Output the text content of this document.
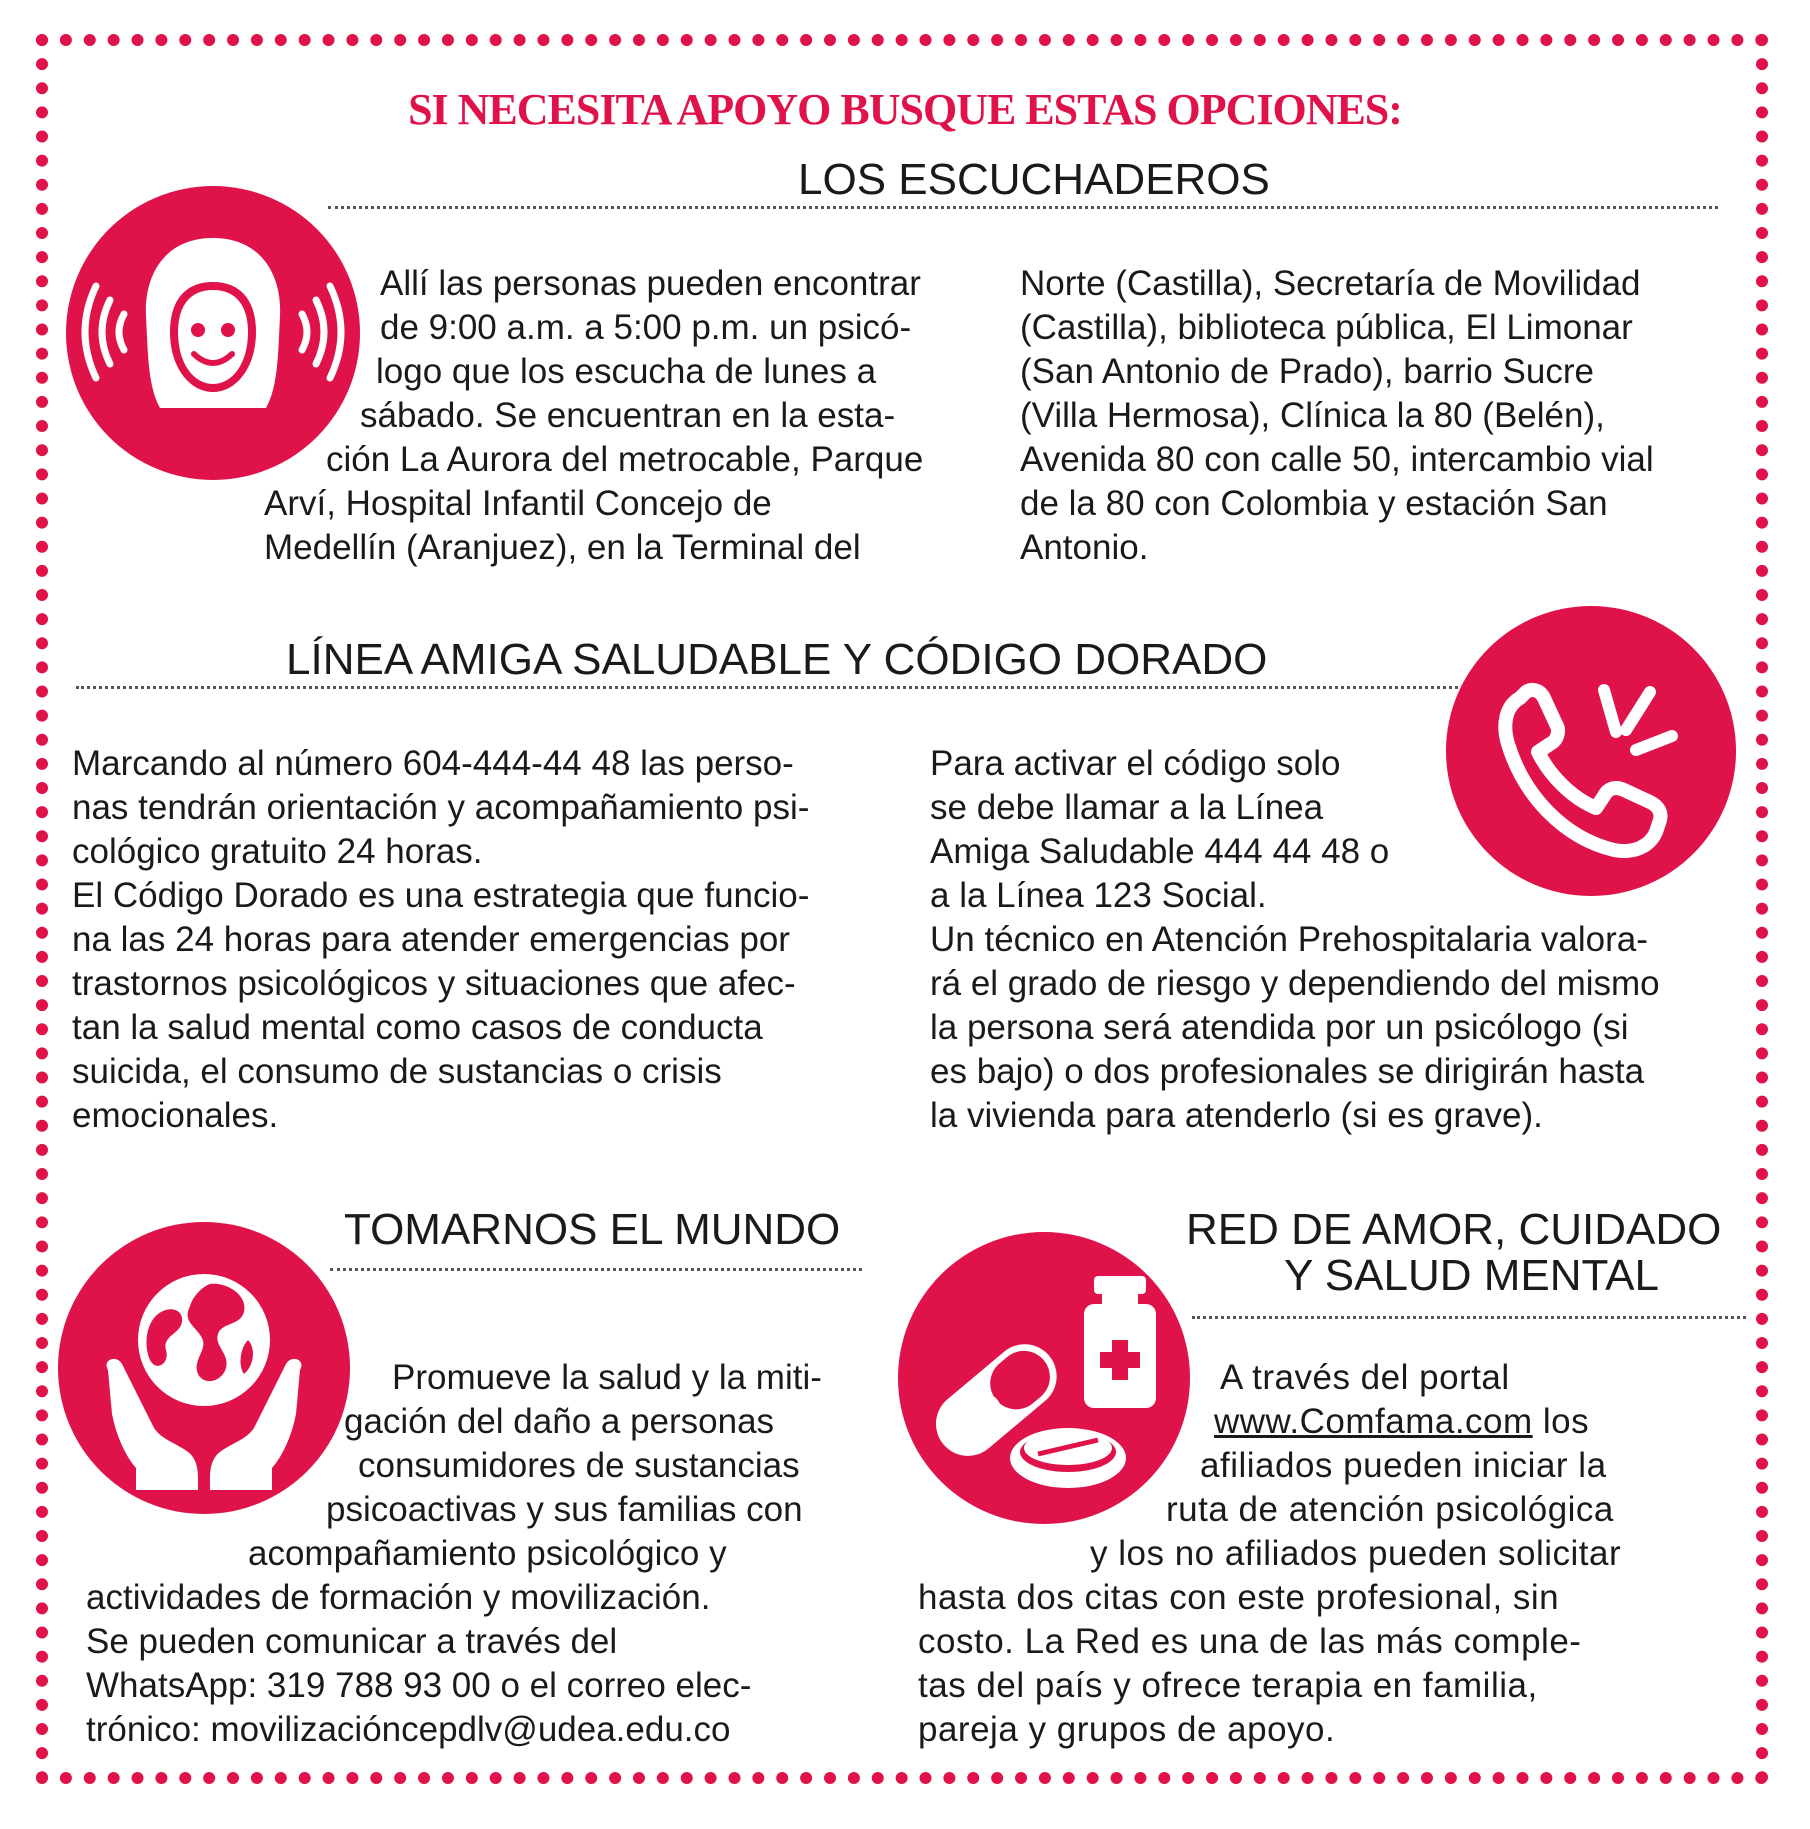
SI NECESITA APOYO BUSQUE ESTAS OPCIONES:
LOS ESCUCHADEROS
Allí las personas pueden encontrar
de 9:00 a.m. a 5:00 p.m. un psicó-
logo que los escucha de lunes a
sábado. Se encuentran en la esta-
ción La Aurora del metrocable, Parque
Arví, Hospital Infantil Concejo de
Medellín (Aranjuez), en la Terminal del
Norte (Castilla), Secretaría de Movilidad
(Castilla), biblioteca pública, El Limonar
(San Antonio de Prado), barrio Sucre
(Villa Hermosa), Clínica la 80 (Belén),
Avenida 80 con calle 50, intercambio vial
de la 80 con Colombia y estación San
Antonio.
LÍNEA AMIGA SALUDABLE Y CÓDIGO DORADO
Marcando al número 604-444-44 48 las perso-
nas tendrán orientación y acompañamiento psi-
cológico gratuito 24 horas.
El Código Dorado es una estrategia que funcio-
na las 24 horas para atender emergencias por
trastornos psicológicos y situaciones que afec-
tan la salud mental como casos de conducta
suicida, el consumo de sustancias o crisis
emocionales.
Para activar el código solo
se debe llamar a la Línea
Amiga Saludable 444 44 48 o
a la Línea 123 Social.
Un técnico en Atención Prehospitalaria valora-
rá el grado de riesgo y dependiendo del mismo
la persona será atendida por un psicólogo (si
es bajo) o dos profesionales se dirigirán hasta
la vivienda para atenderlo (si es grave).
TOMARNOS EL MUNDO
Promueve la salud y la miti-
gación del daño a personas
consumidores de sustancias
psicoactivas y sus familias con
acompañamiento psicológico y
actividades de formación y movilización.
Se pueden comunicar a través del
WhatsApp: 319 788 93 00 o el correo elec-
trónico: movilizacióncepdlv@udea.edu.co
RED DE AMOR, CUIDADO
Y SALUD MENTAL
A través del portal
www.Comfama.com los
afiliados pueden iniciar la
ruta de atención psicológica
y los no afiliados pueden solicitar
hasta dos citas con este profesional, sin
costo. La Red es una de las más comple-
tas del país y ofrece terapia en familia,
pareja y grupos de apoyo.
